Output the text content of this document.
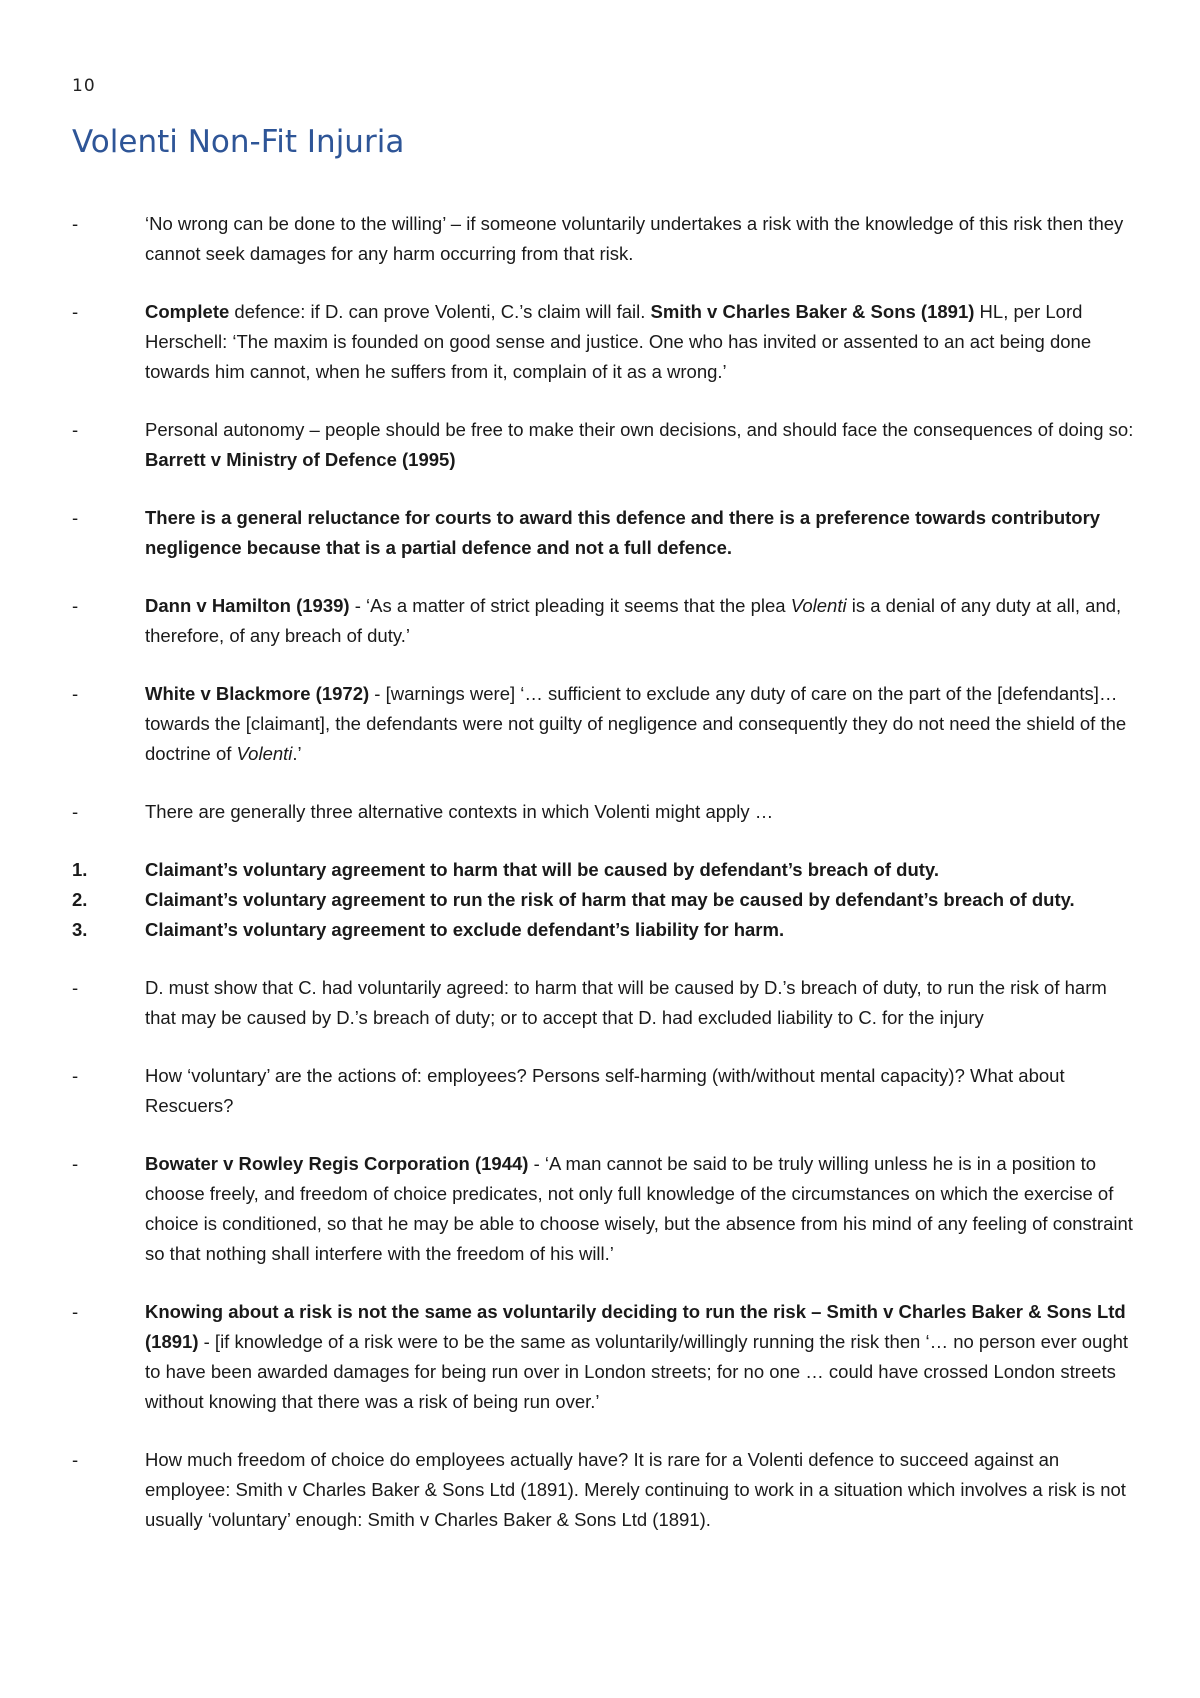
10
Volenti Non-Fit Injuria
-	‘No wrong can be done to the willing’ – if someone voluntarily undertakes a risk with the knowledge of this risk then they cannot seek damages for any harm occurring from that risk.
-	Complete defence: if D. can prove Volenti, C.’s claim will fail. Smith v Charles Baker & Sons (1891) HL, per Lord Herschell: ‘The maxim is founded on good sense and justice. One who has invited or assented to an act being done towards him cannot, when he suffers from it, complain of it as a wrong.’
-	Personal autonomy – people should be free to make their own decisions, and should face the consequences of doing so: Barrett v Ministry of Defence (1995)
-	There is a general reluctance for courts to award this defence and there is a preference towards contributory negligence because that is a partial defence and not a full defence.
-	Dann v Hamilton (1939) - ‘As a matter of strict pleading it seems that the plea Volenti is a denial of any duty at all, and, therefore, of any breach of duty.’
-	White v Blackmore (1972) - [warnings were] ‘… sufficient to exclude any duty of care on the part of the [defendants]… towards the [claimant], the defendants were not guilty of negligence and consequently they do not need the shield of the doctrine of Volenti.’
-	There are generally three alternative contexts in which Volenti might apply …
1.	Claimant’s voluntary agreement to harm that will be caused by defendant’s breach of duty.
2.	Claimant’s voluntary agreement to run the risk of harm that may be caused by defendant’s breach of duty.
3.	Claimant’s voluntary agreement to exclude defendant’s liability for harm.
-	D. must show that C. had voluntarily agreed: to harm that will be caused by D.’s breach of duty, to run the risk of harm that may be caused by D.’s breach of duty; or to accept that D. had excluded liability to C. for the injury
-	How ‘voluntary’ are the actions of: employees? Persons self-harming (with/without mental capacity)? What about Rescuers?
-	Bowater v Rowley Regis Corporation (1944) - ‘A man cannot be said to be truly willing unless he is in a position to choose freely, and freedom of choice predicates, not only full knowledge of the circumstances on which the exercise of choice is conditioned, so that he may be able to choose wisely, but the absence from his mind of any feeling of constraint so that nothing shall interfere with the freedom of his will.’
-	Knowing about a risk is not the same as voluntarily deciding to run the risk – Smith v Charles Baker & Sons Ltd (1891) - [if knowledge of a risk were to be the same as voluntarily/willingly running the risk then ‘… no person ever ought to have been awarded damages for being run over in London streets; for no one … could have crossed London streets without knowing that there was a risk of being run over.’
-	How much freedom of choice do employees actually have? It is rare for a Volenti defence to succeed against an employee: Smith v Charles Baker & Sons Ltd (1891). Merely continuing to work in a situation which involves a risk is not usually ‘voluntary’ enough: Smith v Charles Baker & Sons Ltd (1891).
